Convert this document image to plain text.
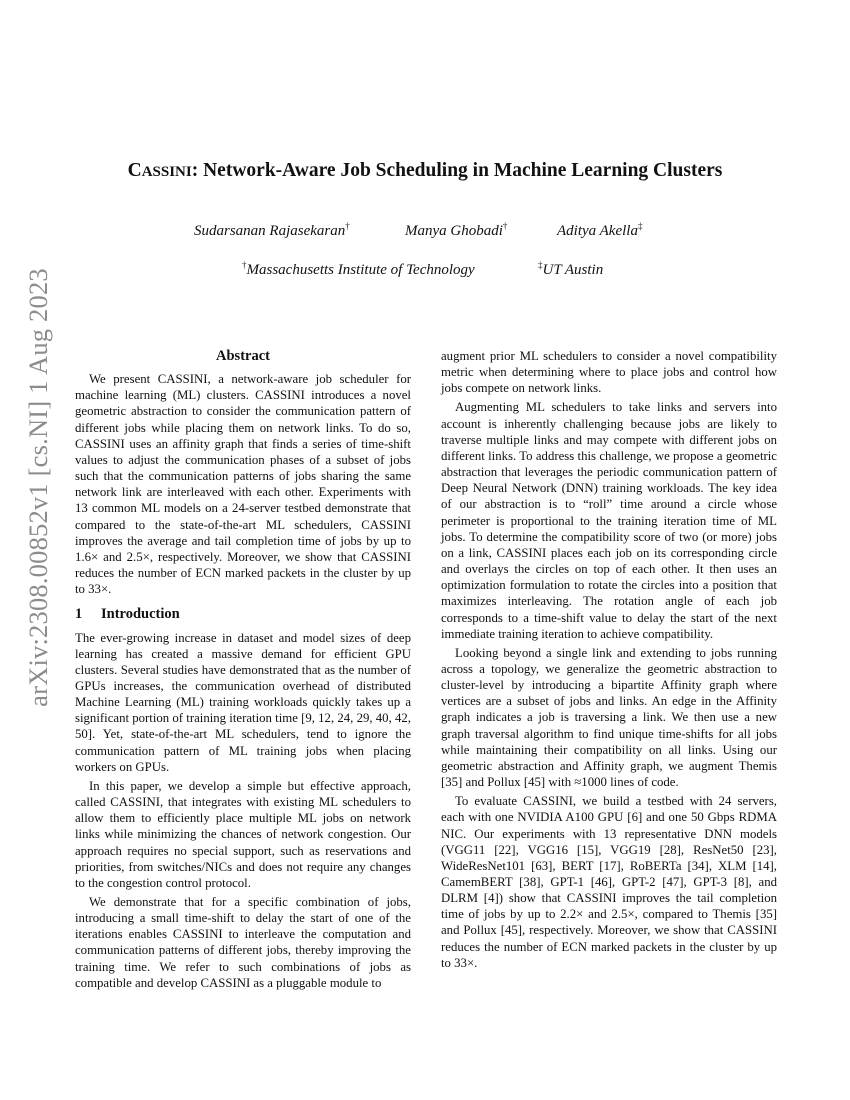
arXiv:2308.00852v1 [cs.NI] 1 Aug 2023
CASSINI: Network-Aware Job Scheduling in Machine Learning Clusters
Sudarsanan Rajasekaran†	Manya Ghobadi†	Aditya Akella‡
†Massachusetts Institute of Technology	‡UT Austin
Abstract

We present CASSINI, a network-aware job scheduler for machine learning (ML) clusters. CASSINI introduces a novel geometric abstraction to consider the communication pattern of different jobs while placing them on network links. To do so, CASSINI uses an affinity graph that finds a series of time-shift values to adjust the communication phases of a subset of jobs such that the communication patterns of jobs sharing the same network link are interleaved with each other. Experiments with 13 common ML models on a 24-server testbed demonstrate that compared to the state-of-the-art ML schedulers, CASSINI improves the average and tail completion time of jobs by up to 1.6× and 2.5×, respectively. Moreover, we show that CASSINI reduces the number of ECN marked packets in the cluster by up to 33×.

1 Introduction

The ever-growing increase in dataset and model sizes of deep learning has created a massive demand for efficient GPU clusters. Several studies have demonstrated that as the number of GPUs increases, the communication overhead of distributed Machine Learning (ML) training workloads quickly takes up a significant portion of training iteration time [9, 12, 24, 29, 40, 42, 50]. Yet, state-of-the-art ML schedulers, tend to ignore the communication pattern of ML training jobs when placing workers on GPUs.

In this paper, we develop a simple but effective approach, called CASSINI, that integrates with existing ML schedulers to allow them to efficiently place multiple ML jobs on network links while minimizing the chances of network congestion. Our approach requires no special support, such as reservations and priorities, from switches/NICs and does not require any changes to the congestion control protocol.

We demonstrate that for a specific combination of jobs, introducing a small time-shift to delay the start of one of the iterations enables CASSINI to interleave the computation and communication patterns of different jobs, thereby improving the training time. We refer to such combinations of jobs as compatible and develop CASSINI as a pluggable module to

augment prior ML schedulers to consider a novel compatibility metric when determining where to place jobs and control how jobs compete on network links.

Augmenting ML schedulers to take links and servers into account is inherently challenging because jobs are likely to traverse multiple links and may compete with different jobs on different links. To address this challenge, we propose a geometric abstraction that leverages the periodic communication pattern of Deep Neural Network (DNN) training workloads. The key idea of our abstraction is to “roll” time around a circle whose perimeter is proportional to the training iteration time of ML jobs. To determine the compatibility score of two (or more) jobs on a link, CASSINI places each job on its corresponding circle and overlays the circles on top of each other. It then uses an optimization formulation to rotate the circles into a position that maximizes interleaving. The rotation angle of each job corresponds to a time-shift value to delay the start of the next immediate training iteration to achieve compatibility.

Looking beyond a single link and extending to jobs running across a topology, we generalize the geometric abstraction to cluster-level by introducing a bipartite Affinity graph where vertices are a subset of jobs and links. An edge in the Affinity graph indicates a job is traversing a link. We then use a new graph traversal algorithm to find unique time-shifts for all jobs while maintaining their compatibility on all links. Using our geometric abstraction and Affinity graph, we augment Themis [35] and Pollux [45] with ≈1000 lines of code.

To evaluate CASSINI, we build a testbed with 24 servers, each with one NVIDIA A100 GPU [6] and one 50 Gbps RDMA NIC. Our experiments with 13 representative DNN models (VGG11 [22], VGG16 [15], VGG19 [28], ResNet50 [23], WideResNet101 [63], BERT [17], RoBERTa [34], XLM [14], CamemBERT [38], GPT-1 [46], GPT-2 [47], GPT-3 [8], and DLRM [4]) show that CASSINI improves the tail completion time of jobs by up to 2.2× and 2.5×, compared to Themis [35] and Pollux [45], respectively. Moreover, we show that CASSINI reduces the number of ECN marked packets in the cluster by up to 33×.
